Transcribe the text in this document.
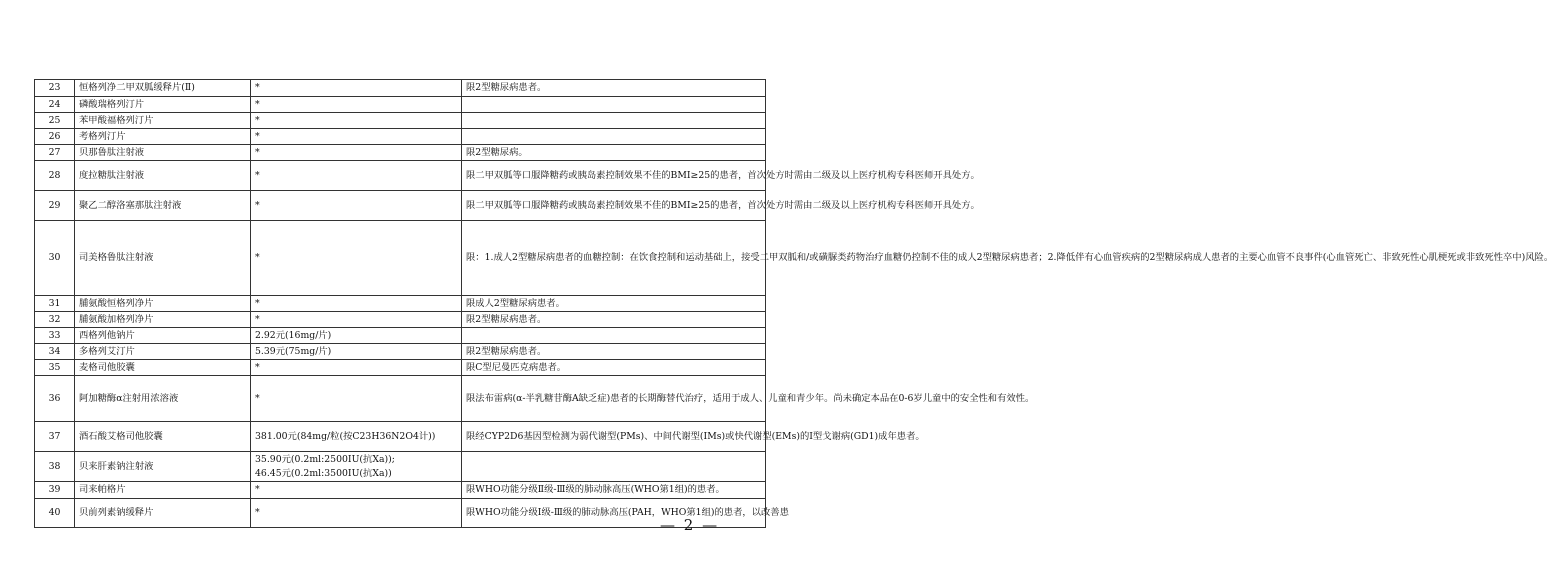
23	恒格列净二甲双胍缓释片(Ⅱ)	*	限2型糖尿病患者。
24	磷酸瑞格列汀片	*	

25	苯甲酸福格列汀片	*	

26	考格列汀片	*	

27	贝那鲁肽注射液	*	限2型糖尿病。
28	度拉糖肽注射液	*	限二甲双胍等口服降糖药或胰岛素控制效果不佳的BMI≥25的患者，首次处方时需由二级及以上医疗机构专科医师开具处方。
29	聚乙二醇洛塞那肽注射液	*	限二甲双胍等口服降糖药或胰岛素控制效果不佳的BMI≥25的患者，首次处方时需由二级及以上医疗机构专科医师开具处方。
30	司美格鲁肽注射液	*	限：1.成人2型糖尿病患者的血糖控制：在饮食控制和运动基础上，接受二甲双胍和/或磺脲类药物治疗血糖仍控制不佳的成人2型糖尿病患者；2.降低伴有心血管疾病的2型糖尿病成人患者的主要心血管不良事件(心血管死亡、非致死性心肌梗死或非致死性卒中)风险。
31	脯氨酸恒格列净片	*	限成人2型糖尿病患者。
32	脯氨酸加格列净片	*	限2型糖尿病患者。
33	西格列他钠片	2.92元(16mg/片)	

34	多格列艾汀片	5.39元(75mg/片)	限2型糖尿病患者。
35	麦格司他胶囊	*	限C型尼曼匹克病患者。
36	阿加糖酶α注射用浓溶液	*	限法布雷病(α-半乳糖苷酶A缺乏症)患者的长期酶替代治疗，适用于成人、儿童和青少年。尚未确定本品在0-6岁儿童中的安全性和有效性。
37	酒石酸艾格司他胶囊	381.00元(84mg/粒(按C23H36N2O4计))	限经CYP2D6基因型检测为弱代谢型(PMs)、中间代谢型(IMs)或快代谢型(EMs)的Ⅰ型戈谢病(GD1)成年患者。
38	贝来肝素钠注射液	35.90元(0.2ml:2500IU(抗Xa));
46.45元(0.2ml:3500IU(抗Xa))	

39	司来帕格片	*	限WHO功能分级Ⅱ级-Ⅲ级的肺动脉高压(WHO第1组)的患者。
40	贝前列素钠缓释片	*	限WHO功能分级Ⅰ级-Ⅲ级的肺动脉高压(PAH，WHO第1组)的患者，以改善患
— 2 —
